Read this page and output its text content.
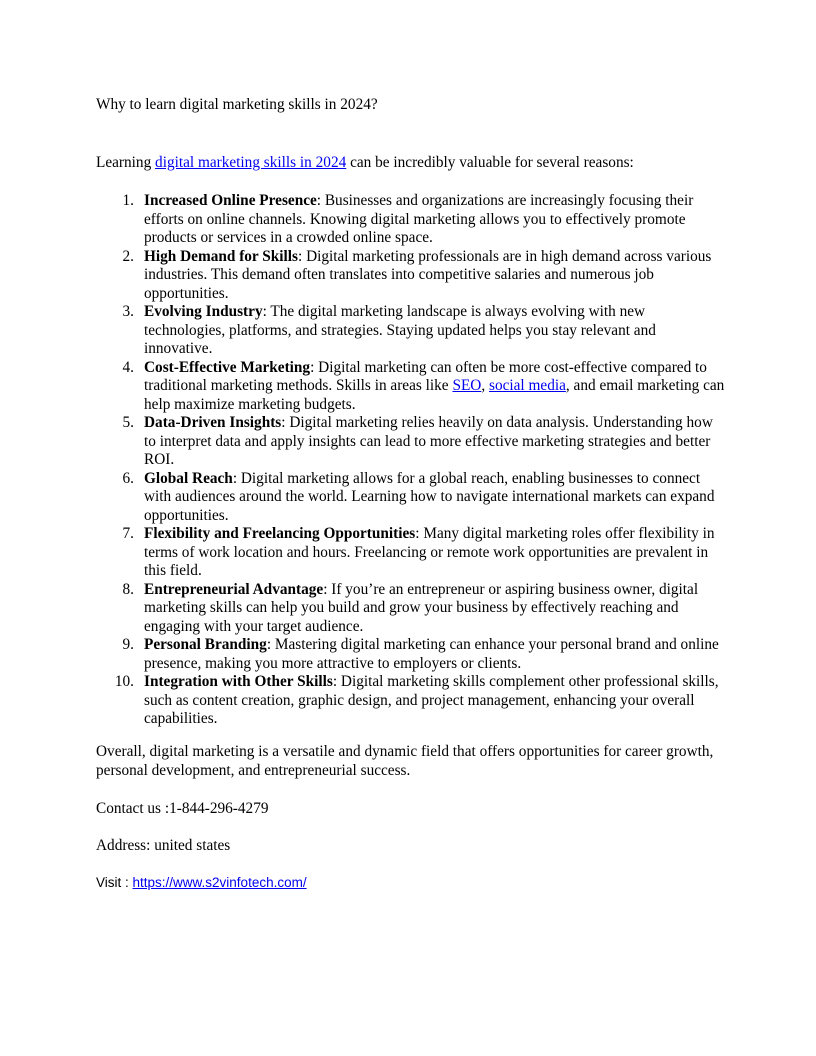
Why to learn digital marketing skills in 2024?
Learning digital marketing skills in 2024 can be incredibly valuable for several reasons:
1. Increased Online Presence: Businesses and organizations are increasingly focusing their efforts on online channels. Knowing digital marketing allows you to effectively promote products or services in a crowded online space.
2. High Demand for Skills: Digital marketing professionals are in high demand across various industries. This demand often translates into competitive salaries and numerous job opportunities.
3. Evolving Industry: The digital marketing landscape is always evolving with new technologies, platforms, and strategies. Staying updated helps you stay relevant and innovative.
4. Cost-Effective Marketing: Digital marketing can often be more cost-effective compared to traditional marketing methods. Skills in areas like SEO, social media, and email marketing can help maximize marketing budgets.
5. Data-Driven Insights: Digital marketing relies heavily on data analysis. Understanding how to interpret data and apply insights can lead to more effective marketing strategies and better ROI.
6. Global Reach: Digital marketing allows for a global reach, enabling businesses to connect with audiences around the world. Learning how to navigate international markets can expand opportunities.
7. Flexibility and Freelancing Opportunities: Many digital marketing roles offer flexibility in terms of work location and hours. Freelancing or remote work opportunities are prevalent in this field.
8. Entrepreneurial Advantage: If you’re an entrepreneur or aspiring business owner, digital marketing skills can help you build and grow your business by effectively reaching and engaging with your target audience.
9. Personal Branding: Mastering digital marketing can enhance your personal brand and online presence, making you more attractive to employers or clients.
10. Integration with Other Skills: Digital marketing skills complement other professional skills, such as content creation, graphic design, and project management, enhancing your overall capabilities.
Overall, digital marketing is a versatile and dynamic field that offers opportunities for career growth, personal development, and entrepreneurial success.
Contact us :1-844-296-4279
Address: united states
Visit : https://www.s2vinfotech.com/
